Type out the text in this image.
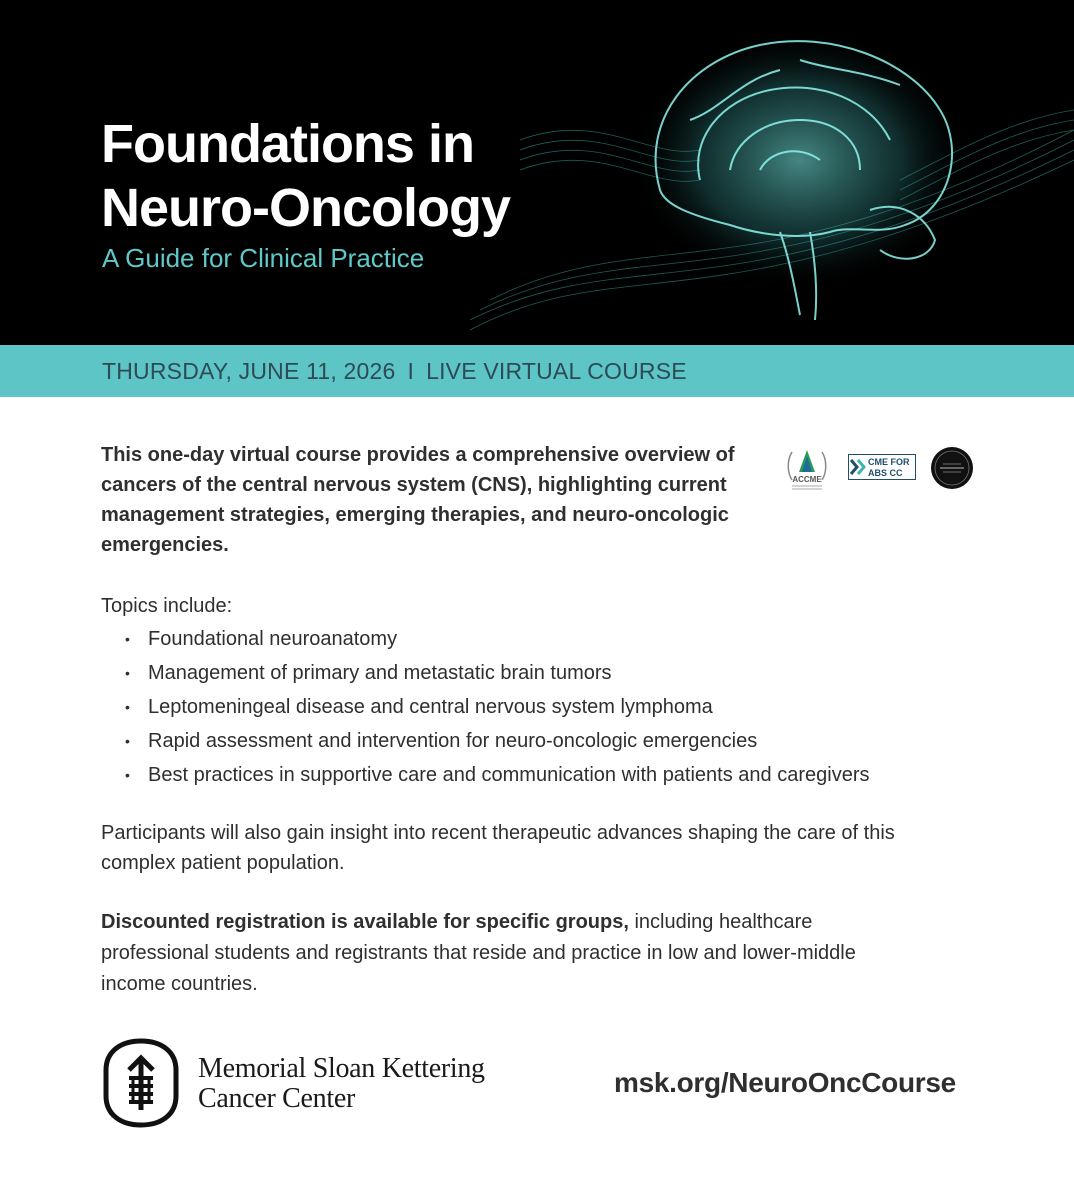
Foundations in
Neuro-Oncology
A Guide for Clinical Practice
THURSDAY, JUNE 11, 2026 I LIVE VIRTUAL COURSE

This one-day virtual course provides a comprehensive overview of cancers of the central nervous system (CNS), highlighting current management strategies, emerging therapies, and neuro-oncologic emergencies.

ACCME
CME FOR
ABS CC
Topics include:
• Foundational neuroanatomy
• Management of primary and metastatic brain tumors
• Leptomeningeal disease and central nervous system lymphoma
• Rapid assessment and intervention for neuro-oncologic emergencies
• Best practices in supportive care and communication with patients and caregivers

Participants will also gain insight into recent therapeutic advances shaping the care of this complex patient population.

Discounted registration is available for specific groups, including healthcare professional students and registrants that reside and practice in low and lower-middle income countries.

Memorial Sloan Kettering
Cancer Center
msk.org/NeuroOncCourse
